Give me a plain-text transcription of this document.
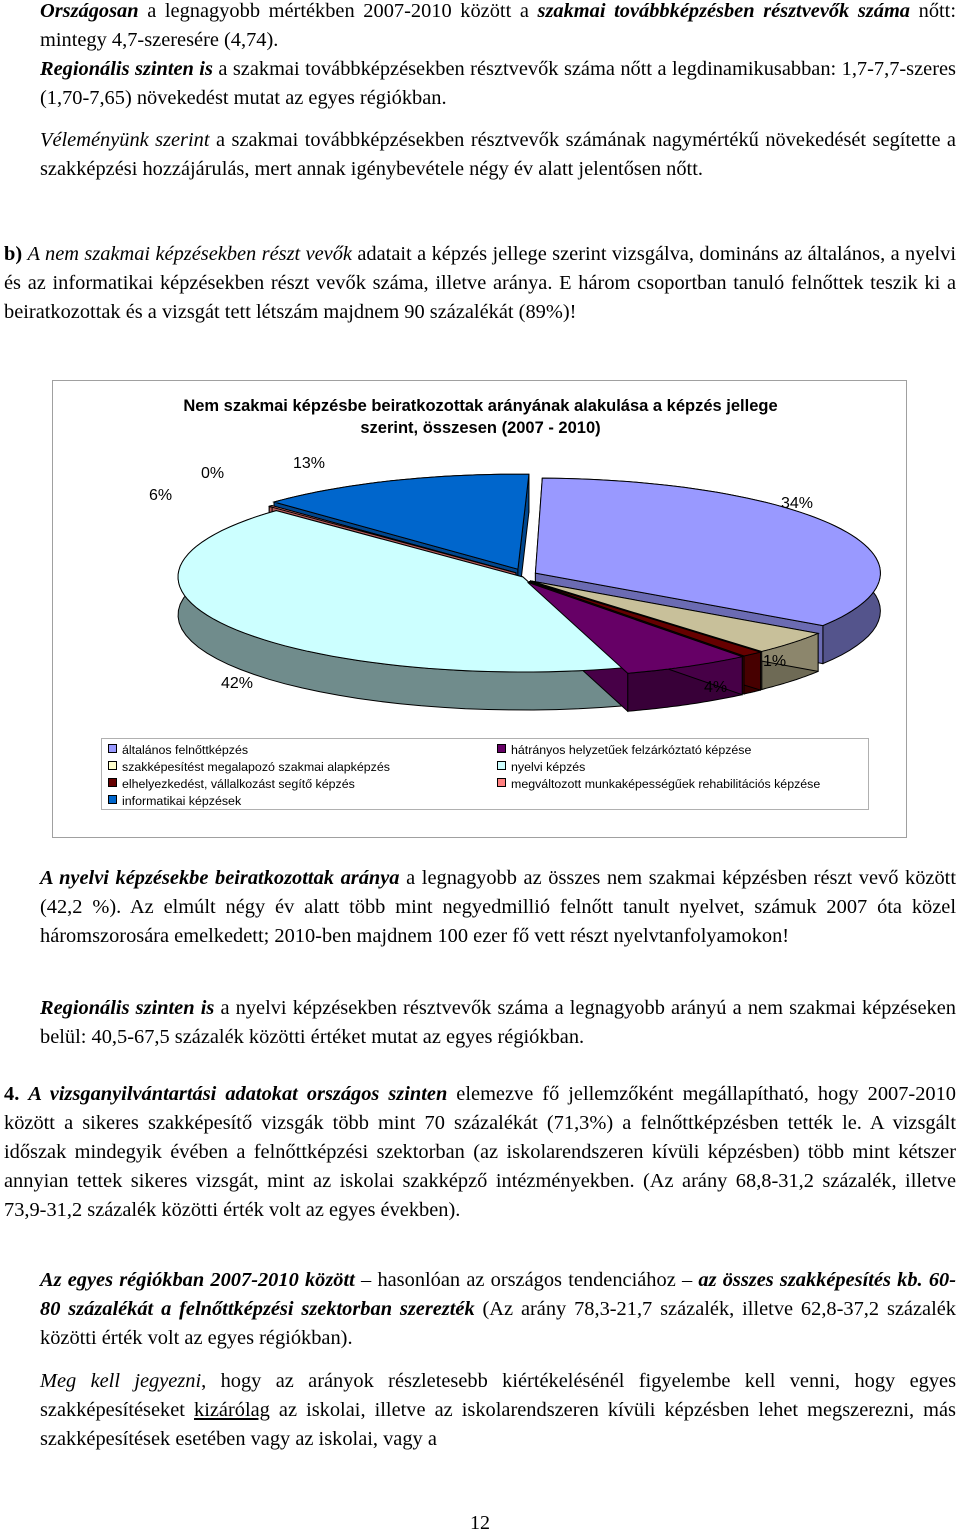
Országosan a legnagyobb mértékben 2007-2010 között a szakmai továbbképzésben résztvevők száma nőtt: mintegy 4,7-szeresére (4,74).

Regionális szinten is a szakmai továbbképzésekben résztvevők száma nőtt a legdinamikusabban: 1,7-7,7-szeres (1,70-7,65) növekedést mutat az egyes régiókban.

Véleményünk szerint a szakmai továbbképzésekben résztvevők számának nagymértékű növekedését segítette a szakképzési hozzájárulás, mert annak igénybevétele négy év alatt jelentősen nőtt.

b) A nem szakmai képzésekben részt vevők adatait a képzés jellege szerint vizsgálva, domináns az általános, a nyelvi és az informatikai képzésekben részt vevők száma, illetve aránya. E három csoportban tanuló felnőttek teszik ki a beiratkozottak és a vizsgát tett létszám majdnem 90 százalékát (89%)!

Nem szakmai képzésbe beiratkozottak arányának alakulása a képzés jellege szerint, összesen (2007 - 2010)
13%
0%
6%	34%
1%
4%
42%
általános felnőttképzés
szakképesítést megalapozó szakmai alapképzés
elhelyezkedést, vállalkozást segítő képzés
informatikai képzések
hátrányos helyzetűek felzárkóztató képzése
nyelvi képzés
megváltozott munkaképességűek rehabilitációs képzése

A nyelvi képzésekbe beiratkozottak aránya a legnagyobb az összes nem szakmai képzésben részt vevő között (42,2 %). Az elmúlt négy év alatt több mint negyedmillió felnőtt tanult nyelvet, számuk 2007 óta közel háromszorosára emelkedett; 2010-ben majdnem 100 ezer fő vett részt nyelvtanfolyamokon!

Regionális szinten is a nyelvi képzésekben résztvevők száma a legnagyobb arányú a nem szakmai képzéseken belül: 40,5-67,5 százalék közötti értéket mutat az egyes régiókban.

4. A vizsganyilvántartási adatokat országos szinten elemezve fő jellemzőként megállapítható, hogy 2007-2010 között a sikeres szakképesítő vizsgák több mint 70 százalékát (71,3%) a felnőttképzésben tették le. A vizsgált időszak mindegyik évében a felnőttképzési szektorban (az iskolarendszeren kívüli képzésben) több mint kétszer annyian tettek sikeres vizsgát, mint az iskolai szakképző intézményekben. (Az arány 68,8-31,2 százalék, illetve 73,9-31,2 százalék közötti érték volt az egyes években).

Az egyes régiókban 2007-2010 között – hasonlóan az országos tendenciához – az összes szakképesítés kb. 60-80 százalékát a felnőttképzési szektorban szerezték (Az arány 78,3-21,7 százalék, illetve 62,8-37,2 százalék közötti érték volt az egyes régiókban).

Meg kell jegyezni, hogy az arányok részletesebb kiértékelésénél figyelembe kell venni, hogy egyes szakképesítéseket kizárólag az iskolai, illetve az iskolarendszeren kívüli képzésben lehet megszerezni, más szakképesítések esetében vagy az iskolai, vagy a

12
